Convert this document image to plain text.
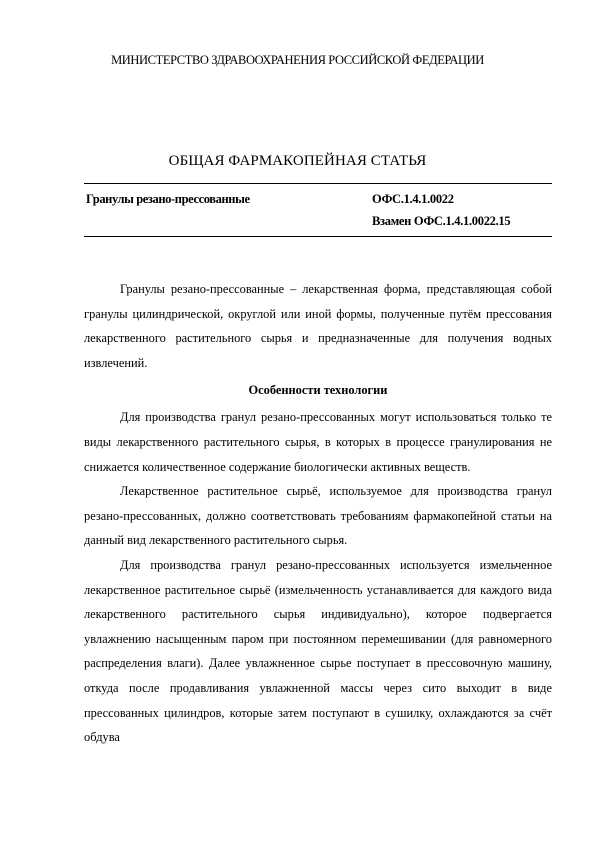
МИНИСТЕРСТВО ЗДРАВООХРАНЕНИЯ РОССИЙСКОЙ ФЕДЕРАЦИИ
ОБЩАЯ ФАРМАКОПЕЙНАЯ СТАТЬЯ
Гранулы резано-прессованные	ОФС.1.4.1.0022
Взамен ОФС.1.4.1.0022.15

Гранулы резано-прессованные – лекарственная форма, представляющая собой гранулы цилиндрической, округлой или иной формы, полученные путём прессования лекарственного растительного сырья и предназначенные для получения водных извлечений.

Особенности технологии

Для производства гранул резано-прессованных могут использоваться только те виды лекарственного растительного сырья, в которых в процессе гранулирования не снижается количественное содержание биологически активных веществ.

Лекарственное растительное сырьё, используемое для производства гранул резано-прессованных, должно соответствовать требованиям фармакопейной статьи на данный вид лекарственного растительного сырья.

Для производства гранул резано-прессованных используется измельченное лекарственное растительное сырьё (измельченность устанавливается для каждого вида лекарственного растительного сырья индивидуально), которое подвергается увлажнению насыщенным паром при постоянном перемешивании (для равномерного распределения влаги). Далее увлажненное сырье поступает в прессовочную машину, откуда после продавливания увлажненной массы через сито выходит в виде прессованных цилиндров, которые затем поступают в сушилку, охлаждаются за счёт обдува
